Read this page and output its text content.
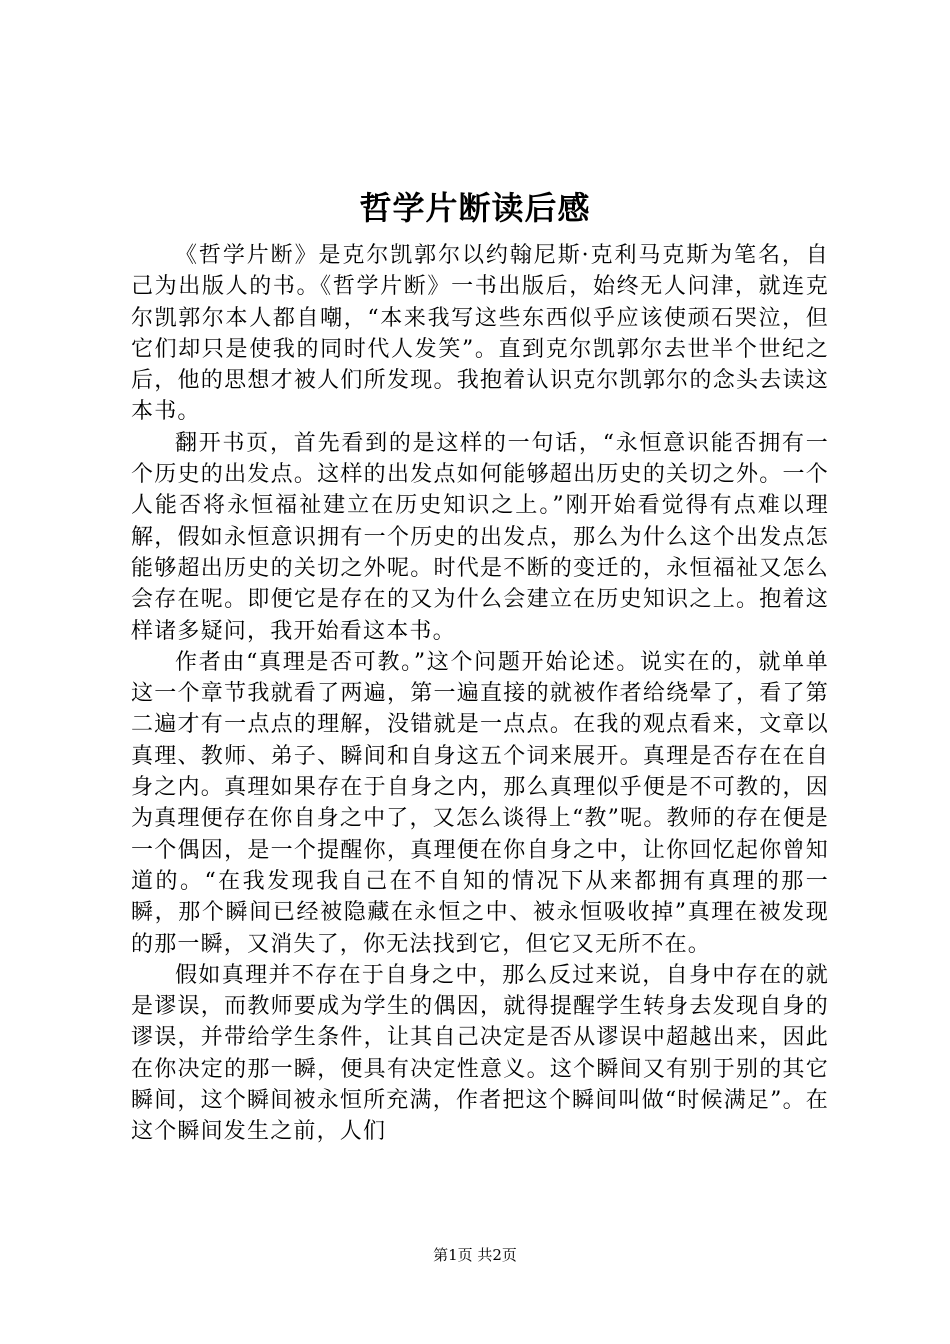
哲学片断读后感

《哲学片断》是克尔凯郭尔以约翰尼斯·克利马克斯为笔名，自己为出版人的书。《哲学片断》一书出版后，始终无人问津，就连克尔凯郭尔本人都自嘲，“本来我写这些东西似乎应该使顽石哭泣，但它们却只是使我的同时代人发笑”。直到克尔凯郭尔去世半个世纪之后，他的思想才被人们所发现。我抱着认识克尔凯郭尔的念头去读这本书。

翻开书页，首先看到的是这样的一句话，“永恒意识能否拥有一个历史的出发点。这样的出发点如何能够超出历史的关切之外。一个人能否将永恒福祉建立在历史知识之上。”刚开始看觉得有点难以理解，假如永恒意识拥有一个历史的出发点，那么为什么这个出发点怎能够超出历史的关切之外呢。时代是不断的变迁的，永恒福祉又怎么会存在呢。即便它是存在的又为什么会建立在历史知识之上。抱着这样诸多疑问，我开始看这本书。

作者由“真理是否可教。”这个问题开始论述。说实在的，就单单这一个章节我就看了两遍，第一遍直接的就被作者给绕晕了，看了第二遍才有一点点的理解，没错就是一点点。在我的观点看来，文章以真理、教师、弟子、瞬间和自身这五个词来展开。真理是否存在在自身之内。真理如果存在于自身之内，那么真理似乎便是不可教的，因为真理便存在你自身之中了，又怎么谈得上“教”呢。教师的存在便是一个偶因，是一个提醒你，真理便在你自身之中，让你回忆起你曾知道的。“在我发现我自己在不自知的情况下从来都拥有真理的那一瞬，那个瞬间已经被隐藏在永恒之中、被永恒吸收掉”真理在被发现的那一瞬，又消失了，你无法找到它，但它又无所不在。

假如真理并不存在于自身之中，那么反过来说，自身中存在的就是谬误，而教师要成为学生的偶因，就得提醒学生转身去发现自身的谬误，并带给学生条件，让其自己决定是否从谬误中超越出来，因此在你决定的那一瞬，便具有决定性意义。这个瞬间又有别于别的其它瞬间，这个瞬间被永恒所充满，作者把这个瞬间叫做“时候满足”。在这个瞬间发生之前，人们

第1页 共2页
